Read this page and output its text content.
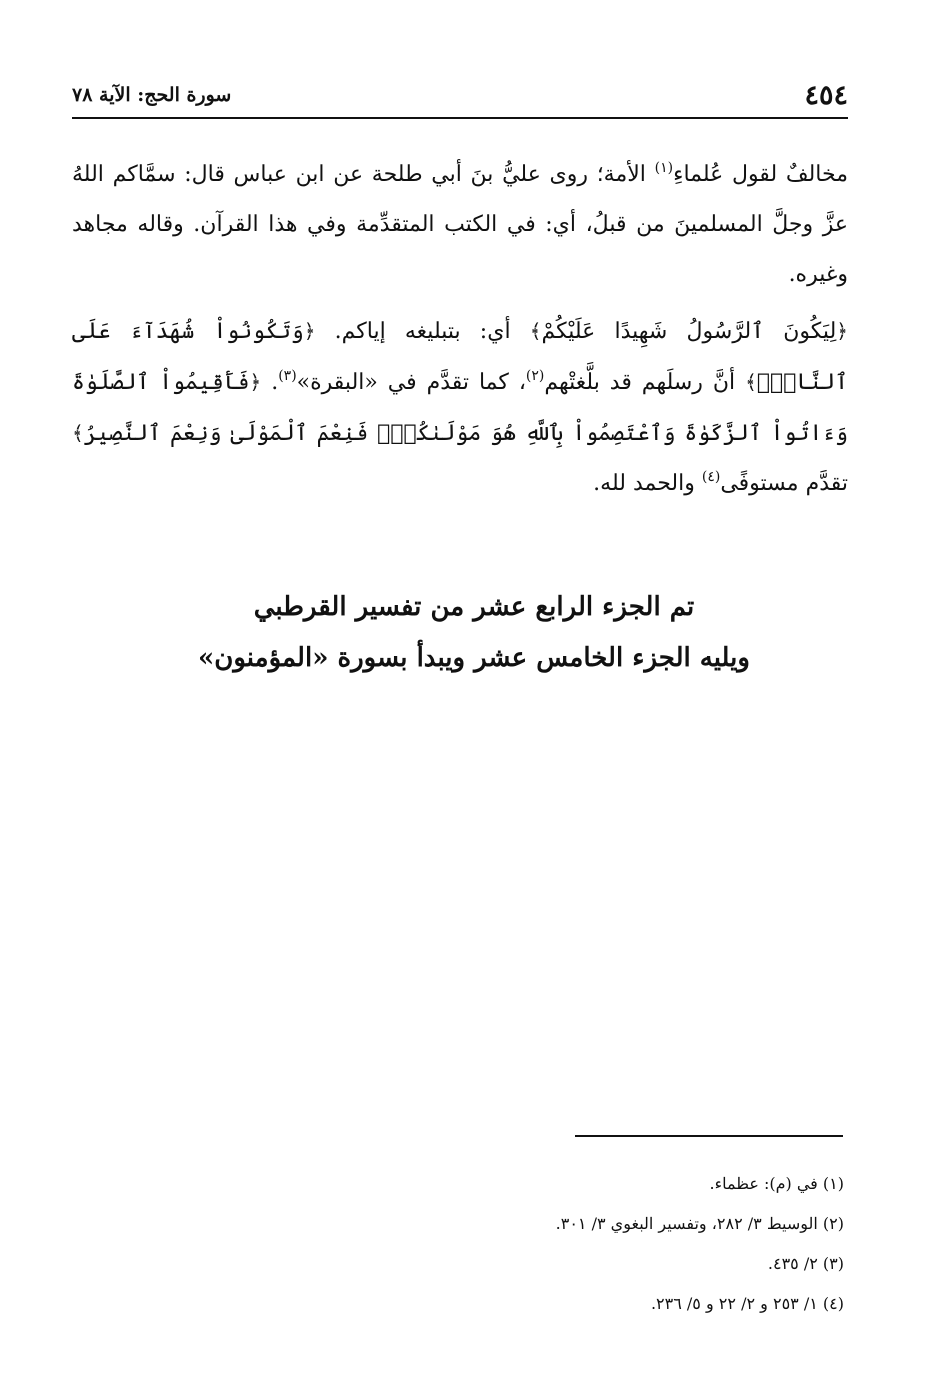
٤٥٤
سورة الحج: الآية ٧٨

مخالفٌ لقول عُلماءِ$^{(١)}$ الأمة؛ روى عليُّ بنَ أبي طلحة عن ابن عباس قال: سمَّاكم اللهُ عزَّ وجلَّ المسلمينَ من قبلُ، أي: في الكتب المتقدِّمة وفي هذا القرآن. وقاله مجاهد وغيره.

﴿لِيَكُونَ ٱلرَّسُولُ شَهِيدًا عَلَيْكُمْ﴾ أي: بتبليغه إياكم. ﴿وَتَكُونُواْ شُهَدَآءَ عَلَى ٱلنَّاسِۚ﴾ أنَّ رسلَهم قد بلَّغتْهم$^{(٢)}$، كما تقدَّم في «البقرة»$^{(٣)}$. ﴿فَأَقِيمُواْ ٱلصَّلَوٰةَ وَءَاتُواْ ٱلزَّكَوٰةَ وَٱعْتَصِمُواْ بِٱللَّهِ هُوَ مَوْلَىٰكُمْۖ فَنِعْمَ ٱلْمَوْلَىٰ وَنِعْمَ ٱلنَّصِيرُ﴾ تقدَّم مستوفًى$^{(٤)}$ والحمد لله.

تم الجزء الرابع عشر من تفسير القرطبي
ويليه الجزء الخامس عشر ويبدأ بسورة «المؤمنون»
(١) في (م): عظماء.
(٢) الوسيط ٣/ ٢٨٢، وتفسير البغوي ٣/ ٣٠١.
(٣) ٢/ ٤٣٥.
(٤) ١/ ٢٥٣ و ٢/ ٢٢ و ٥/ ٢٣٦.
